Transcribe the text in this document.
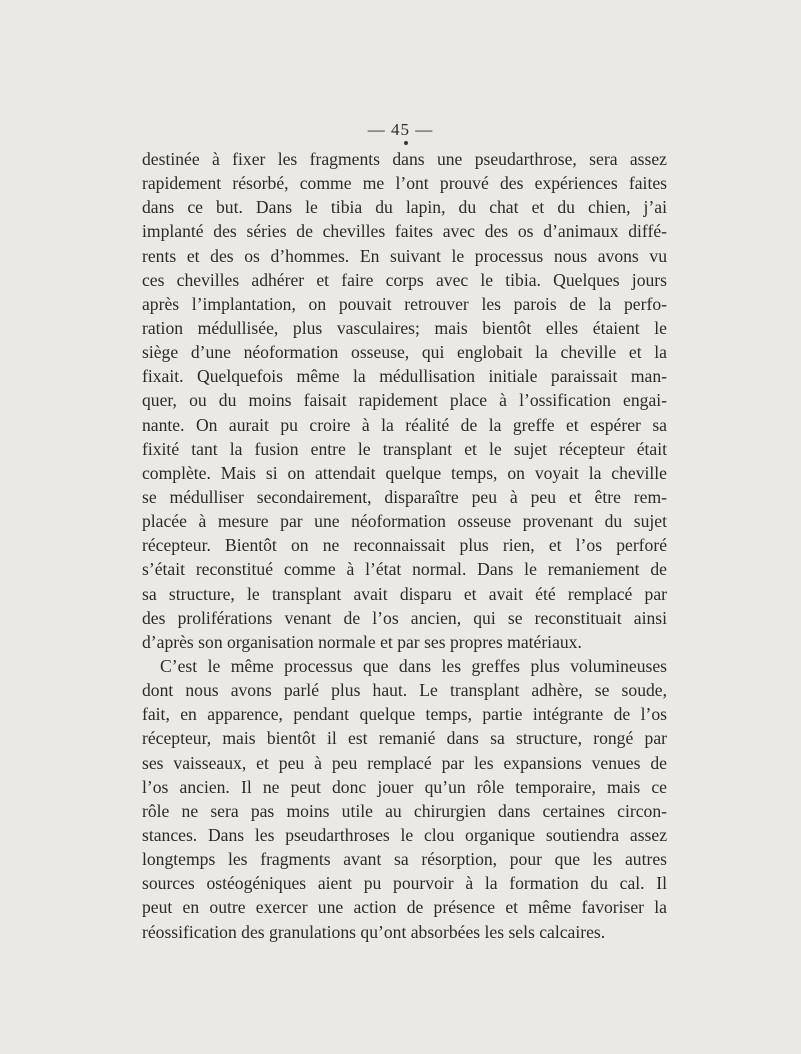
— 45 —
destinée à fixer les fragments dans une pseudarthrose, sera assez
rapidement résorbé, comme me l’ont prouvé des expériences faites
dans ce but. Dans le tibia du lapin, du chat et du chien, j’ai
implanté des séries de chevilles faites avec des os d’animaux diffé-
rents et des os d’hommes. En suivant le processus nous avons vu
ces chevilles adhérer et faire corps avec le tibia. Quelques jours
après l’implantation, on pouvait retrouver les parois de la perfo-
ration médullisée, plus vasculaires; mais bientôt elles étaient le
siège d’une néoformation osseuse, qui englobait la cheville et la
fixait. Quelquefois même la médullisation initiale paraissait man-
quer, ou du moins faisait rapidement place à l’ossification engai-
nante. On aurait pu croire à la réalité de la greffe et espérer sa
fixité tant la fusion entre le transplant et le sujet récepteur était
complète. Mais si on attendait quelque temps, on voyait la cheville
se médulliser secondairement, disparaître peu à peu et être rem-
placée à mesure par une néoformation osseuse provenant du sujet
récepteur. Bientôt on ne reconnaissait plus rien, et l’os perforé
s’était reconstitué comme à l’état normal. Dans le remaniement de
sa structure, le transplant avait disparu et avait été remplacé par
des proliférations venant de l’os ancien, qui se reconstituait ainsi
d’après son organisation normale et par ses propres matériaux.
C’est le même processus que dans les greffes plus volumineuses
dont nous avons parlé plus haut. Le transplant adhère, se soude,
fait, en apparence, pendant quelque temps, partie intégrante de l’os
récepteur, mais bientôt il est remanié dans sa structure, rongé par
ses vaisseaux, et peu à peu remplacé par les expansions venues de
l’os ancien. Il ne peut donc jouer qu’un rôle temporaire, mais ce
rôle ne sera pas moins utile au chirurgien dans certaines circon-
stances. Dans les pseudarthroses le clou organique soutiendra assez
longtemps les fragments avant sa résorption, pour que les autres
sources ostéogéniques aient pu pourvoir à la formation du cal. Il
peut en outre exercer une action de présence et même favoriser la
réossification des granulations qu’ont absorbées les sels calcaires.
